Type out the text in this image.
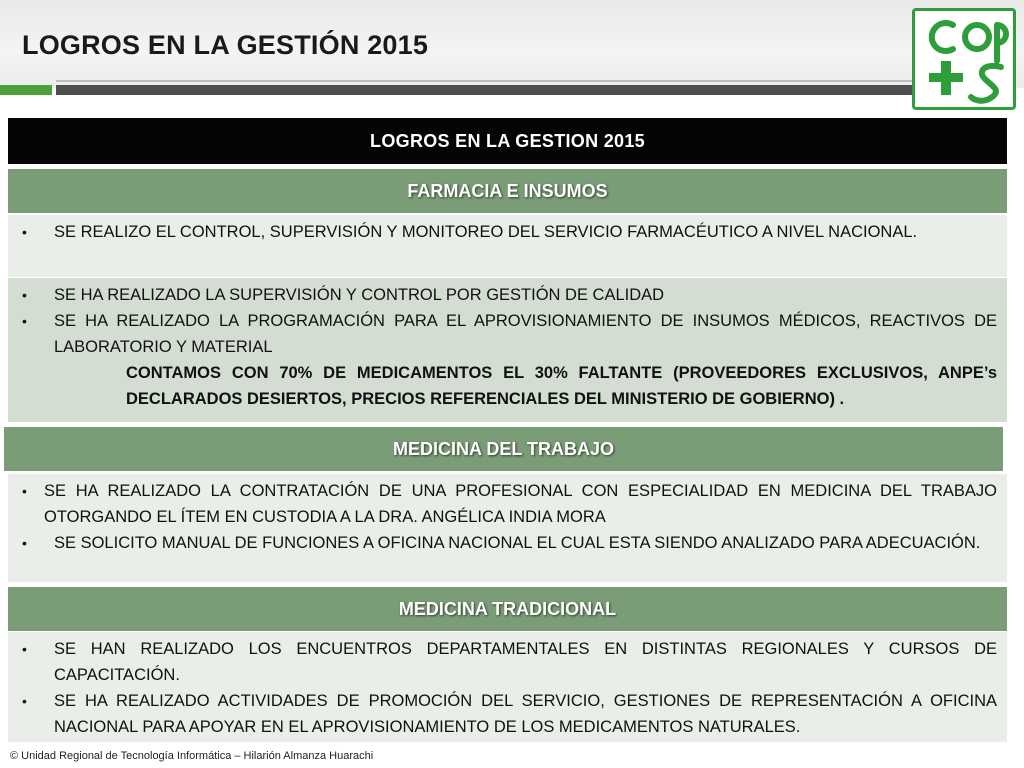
LOGROS EN LA GESTIÓN 2015
LOGROS EN LA GESTION 2015
FARMACIA E INSUMOS
•	SE REALIZO EL CONTROL, SUPERVISIÓN Y MONITOREO DEL SERVICIO FARMACÉUTICO A NIVEL NACIONAL.
•	SE HA REALIZADO LA SUPERVISIÓN Y CONTROL POR GESTIÓN DE CALIDAD
•	SE HA REALIZADO LA PROGRAMACIÓN PARA EL APROVISIONAMIENTO DE INSUMOS MÉDICOS, REACTIVOS DE LABORATORIO Y MATERIAL
CONTAMOS CON 70% DE MEDICAMENTOS EL 30% FALTANTE (PROVEEDORES EXCLUSIVOS, ANPE’s DECLARADOS DESIERTOS, PRECIOS REFERENCIALES DEL MINISTERIO DE GOBIERNO) .
MEDICINA DEL TRABAJO
•	SE HA REALIZADO LA CONTRATACIÓN DE UNA PROFESIONAL CON ESPECIALIDAD EN MEDICINA DEL TRABAJO OTORGANDO EL ÍTEM EN CUSTODIA A LA DRA. ANGÉLICA INDIA MORA
•	SE SOLICITO MANUAL DE FUNCIONES A OFICINA NACIONAL EL CUAL ESTA SIENDO ANALIZADO PARA ADECUACIÓN.
MEDICINA TRADICIONAL
•	SE HAN REALIZADO LOS ENCUENTROS DEPARTAMENTALES EN DISTINTAS REGIONALES Y CURSOS DE CAPACITACIÓN.
•	SE HA REALIZADO ACTIVIDADES DE PROMOCIÓN DEL SERVICIO, GESTIONES DE REPRESENTACIÓN A OFICINA NACIONAL PARA APOYAR EN EL APROVISIONAMIENTO DE LOS MEDICAMENTOS NATURALES.
© Unidad Regional de Tecnología Informática – Hilarión Almanza Huarachi
